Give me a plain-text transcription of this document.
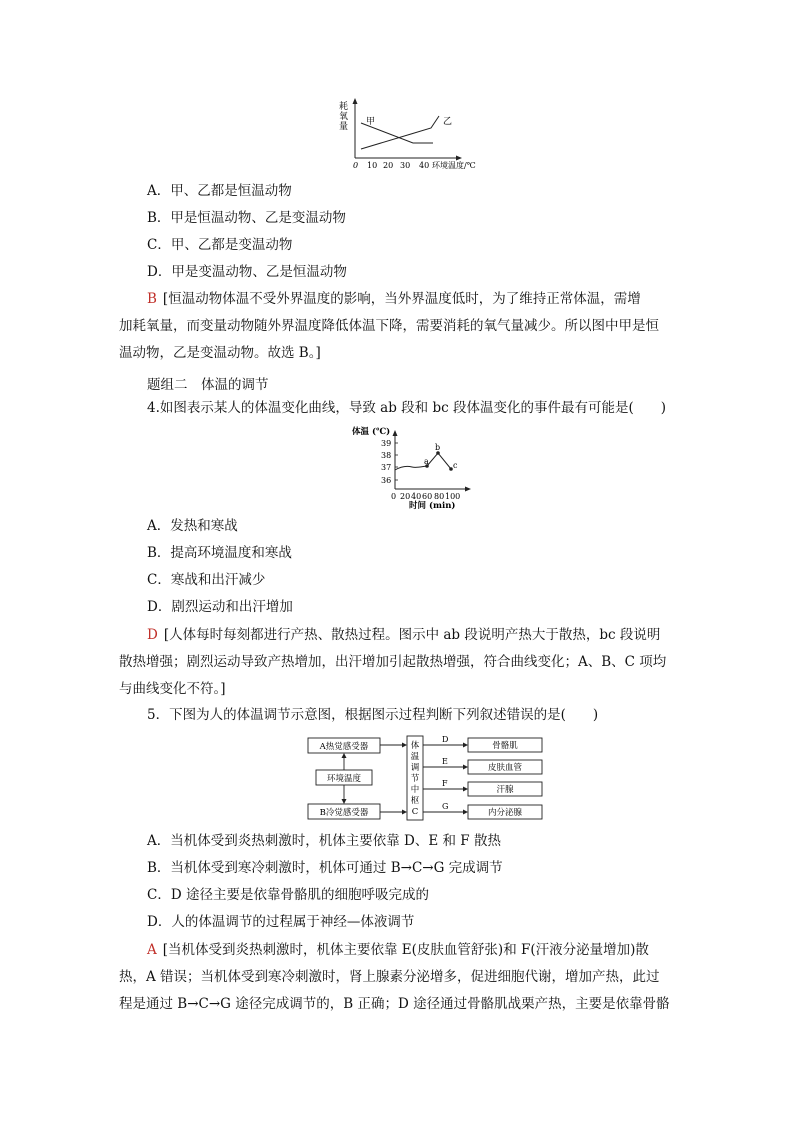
耗
氧
量 甲	乙
0 10 20 30 40 环境温度/℃
A．甲、乙都是恒温动物
B．甲是恒温动物、乙是变温动物
C．甲、乙都是变温动物
D．甲是变温动物、乙是恒温动物
B [恒温动物体温不受外界温度的影响，当外界温度低时，为了维持正常体温，需增
加耗氧量，而变量动物随外界温度降低体温下降，需要消耗的氧气量减少。所以图中甲是恒
温动物，乙是变温动物。故选 B。]
题组二　体温的调节
4.如图表示某人的体温变化曲线，导致 ab 段和 bc 段体温变化的事件最有可能是(　　)
体温 (℃)
39
38
37
36
a
b
c
0 20 40 60 80 100
时间 (min)
A．发热和寒战
B．提高环境温度和寒战
C．寒战和出汗减少
D．剧烈运动和出汗增加
D [人体每时每刻都进行产热、散热过程。图示中 ab 段说明产热大于散热，bc 段说明
散热增强；剧烈运动导致产热增加，出汗增加引起散热增强，符合曲线变化；A、B、C 项均
与曲线变化不符。]
5．下图为人的体温调节示意图，根据图示过程判断下列叙述错误的是(　　)
A热觉感受器
环境温度
B冷觉感受器
体
温
调
节
中
枢
C
D
E
F
G
骨骼肌
皮肤血管
汗腺
内分泌腺
A．当机体受到炎热刺激时，机体主要依靠 D、E 和 F 散热
B．当机体受到寒冷刺激时，机体可通过 B→C→G 完成调节
C．D 途径主要是依靠骨骼肌的细胞呼吸完成的
D．人的体温调节的过程属于神经—体液调节
A [当机体受到炎热刺激时，机体主要依靠 E(皮肤血管舒张)和 F(汗液分泌量增加)散
热，A 错误；当机体受到寒冷刺激时，肾上腺素分泌增多，促进细胞代谢，增加产热，此过
程是通过 B→C→G 途径完成调节的，B 正确；D 途径通过骨骼肌战栗产热，主要是依靠骨骼
